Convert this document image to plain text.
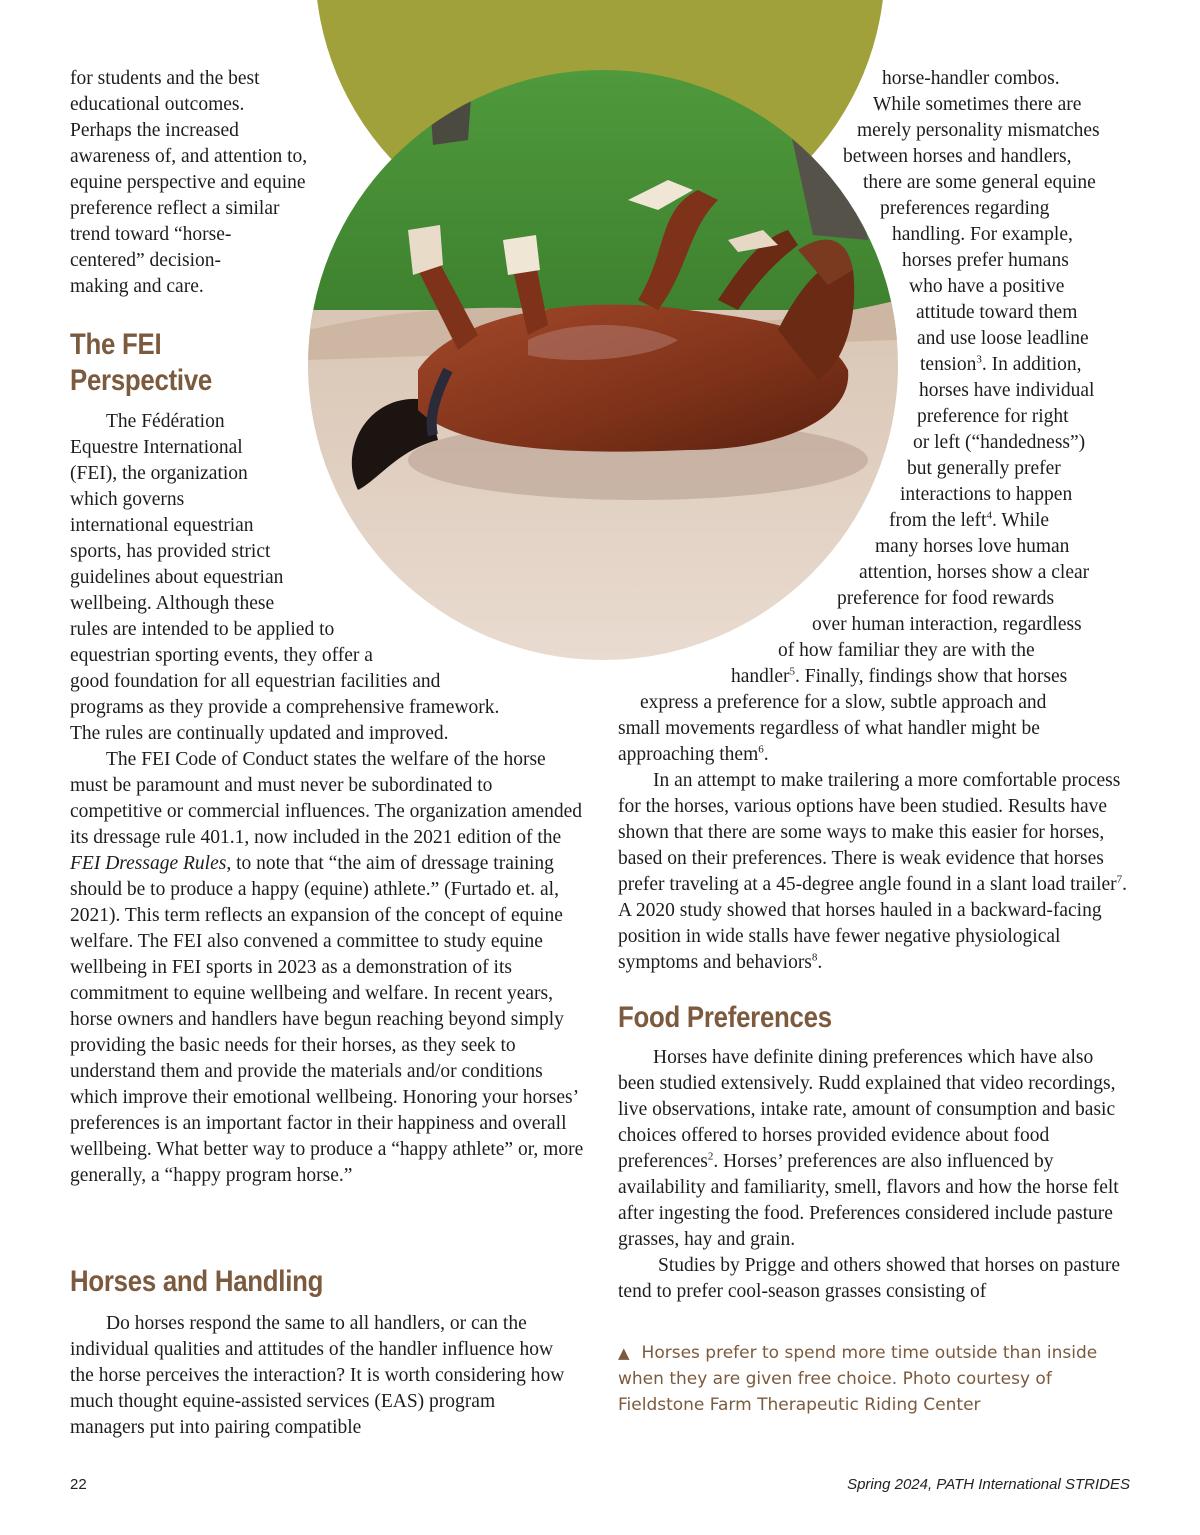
for students and the best
educational outcomes.
Perhaps the increased
awareness of, and attention to,
equine perspective and equine
preference reflect a similar
trend toward “horse-
centered” decision-
making and care.
The FEI
Perspective
The Fédération
Equestre International
(FEI), the organization
which governs
international equestrian
sports, has provided strict
guidelines about equestrian
wellbeing. Although these
rules are intended to be applied to
equestrian sporting events, they offer a
good foundation for all equestrian facilities and
programs as they provide a comprehensive framework.
The rules are continually updated and improved.

The FEI Code of Conduct states the welfare of the horse must be paramount and must never be subordinated to competitive or commercial influences. The organization amended its dressage rule 401.1, now included in the 2021 edition of the FEI Dressage Rules, to note that “the aim of dressage training should be to produce a happy (equine) athlete.” (Furtado et. al, 2021). This term reflects an expansion of the concept of equine welfare. The FEI also convened a committee to study equine wellbeing in FEI sports in 2023 as a demonstration of its commitment to equine wellbeing and welfare. In recent years, horse owners and handlers have begun reaching beyond simply providing the basic needs for their horses, as they seek to understand them and provide the materials and/or conditions which improve their emotional wellbeing. Honoring your horses’ preferences is an important factor in their happiness and overall wellbeing. What better way to produce a “happy athlete” or, more generally, a “happy program horse.”

Horses and Handling

Do horses respond the same to all handlers, or can the individual qualities and attitudes of the handler influence how the horse perceives the interaction? It is worth considering how much thought equine-assisted services (EAS) program managers put into pairing compatible

horse-handler combos.
While sometimes there are
merely personality mismatches
between horses and handlers,
there are some general equine
preferences regarding
handling. For example,
horses prefer humans
who have a positive
attitude toward them
and use loose leadline
tension$^3$. In addition,
horses have individual
preference for right
or left (“handedness”)
but generally prefer
interactions to happen
from the left$^4$. While
many horses love human
attention, horses show a clear
preference for food rewards
over human interaction, regardless
of how familiar they are with the
handler$^5$. Finally, findings show that horses
express a preference for a slow, subtle approach and

small movements regardless of what handler might be approaching them$^6$.

In an attempt to make trailering a more comfortable process for the horses, various options have been studied. Results have shown that there are some ways to make this easier for horses, based on their preferences. There is weak evidence that horses prefer traveling at a 45-degree angle found in a slant load trailer$^7$. A 2020 study showed that horses hauled in a backward-facing position in wide stalls have fewer negative physiological symptoms and behaviors$^8$.

Food Preferences

Horses have definite dining preferences which have also been studied extensively. Rudd explained that video recordings, live observations, intake rate, amount of consumption and basic choices offered to horses provided evidence about food preferences$^2$. Horses’ preferences are also influenced by availability and familiarity, smell, flavors and how the horse felt after ingesting the food. Preferences considered include pasture grasses, hay and grain.

Studies by Prigge and others showed that horses on pasture tend to prefer cool-season grasses consisting of

▲ Horses prefer to spend more time outside than inside when they are given free choice. Photo courtesy of Fieldstone Farm Therapeutic Riding Center
22	Spring 2024, PATH International STRIDES
